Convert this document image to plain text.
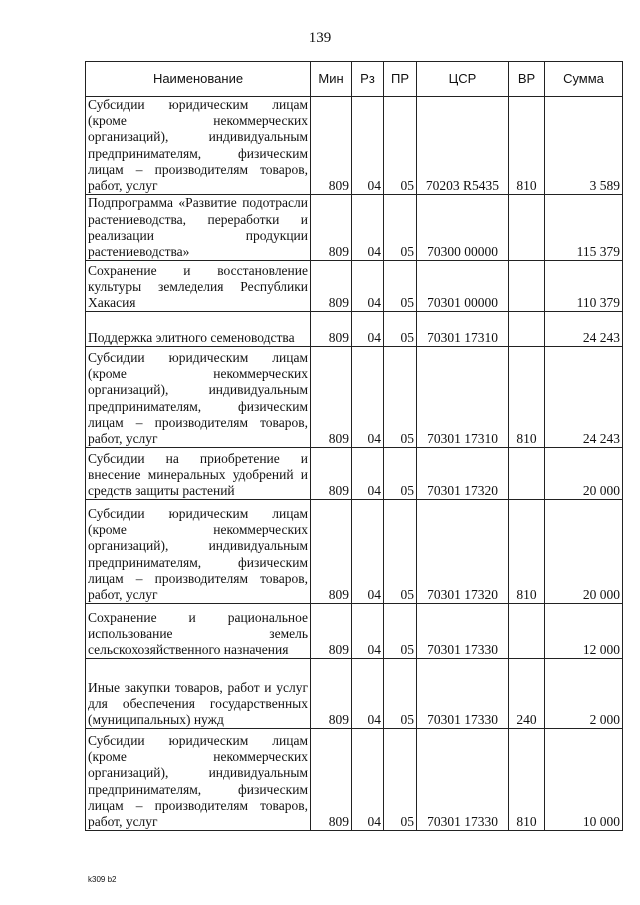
139
Наименование	Мин	Рз	ПР	ЦСР	ВР	Сумма
Субсидии юридическим лицам (кроме некоммерческих организаций), индивидуальным предпринимателям, физическим лицам – производителям товаров, работ, услуг	809	04	05	70203 R5435	810	3 589
Подпрограмма «Развитие подотрасли растениеводства, переработки и реализации продукции растениеводства»	809	04	05	70300 00000		115 379
Сохранение и восстановление культуры земледелия Республики Хакасия	809	04	05	70301 00000		110 379
Поддержка элитного семеноводства	809	04	05	70301 17310		24 243
Субсидии юридическим лицам (кроме некоммерческих организаций), индивидуальным предпринимателям, физическим лицам – производителям товаров, работ, услуг	809	04	05	70301 17310	810	24 243
Субсидии на приобретение и внесение минеральных удобрений и средств защиты растений	809	04	05	70301 17320		20 000
Субсидии юридическим лицам (кроме некоммерческих организаций), индивидуальным предпринимателям, физическим лицам – производителям товаров, работ, услуг	809	04	05	70301 17320	810	20 000
Сохранение и рациональное использование земель сельскохозяйственного назначения	809	04	05	70301 17330		12 000
Иные закупки товаров, работ и услуг для обеспечения государственных (муниципальных) нужд	809	04	05	70301 17330	240	2 000
Субсидии юридическим лицам (кроме некоммерческих организаций), индивидуальным предпринимателям, физическим лицам – производителям товаров, работ, услуг	809	04	05	70301 17330	810	10 000
k309 b2
